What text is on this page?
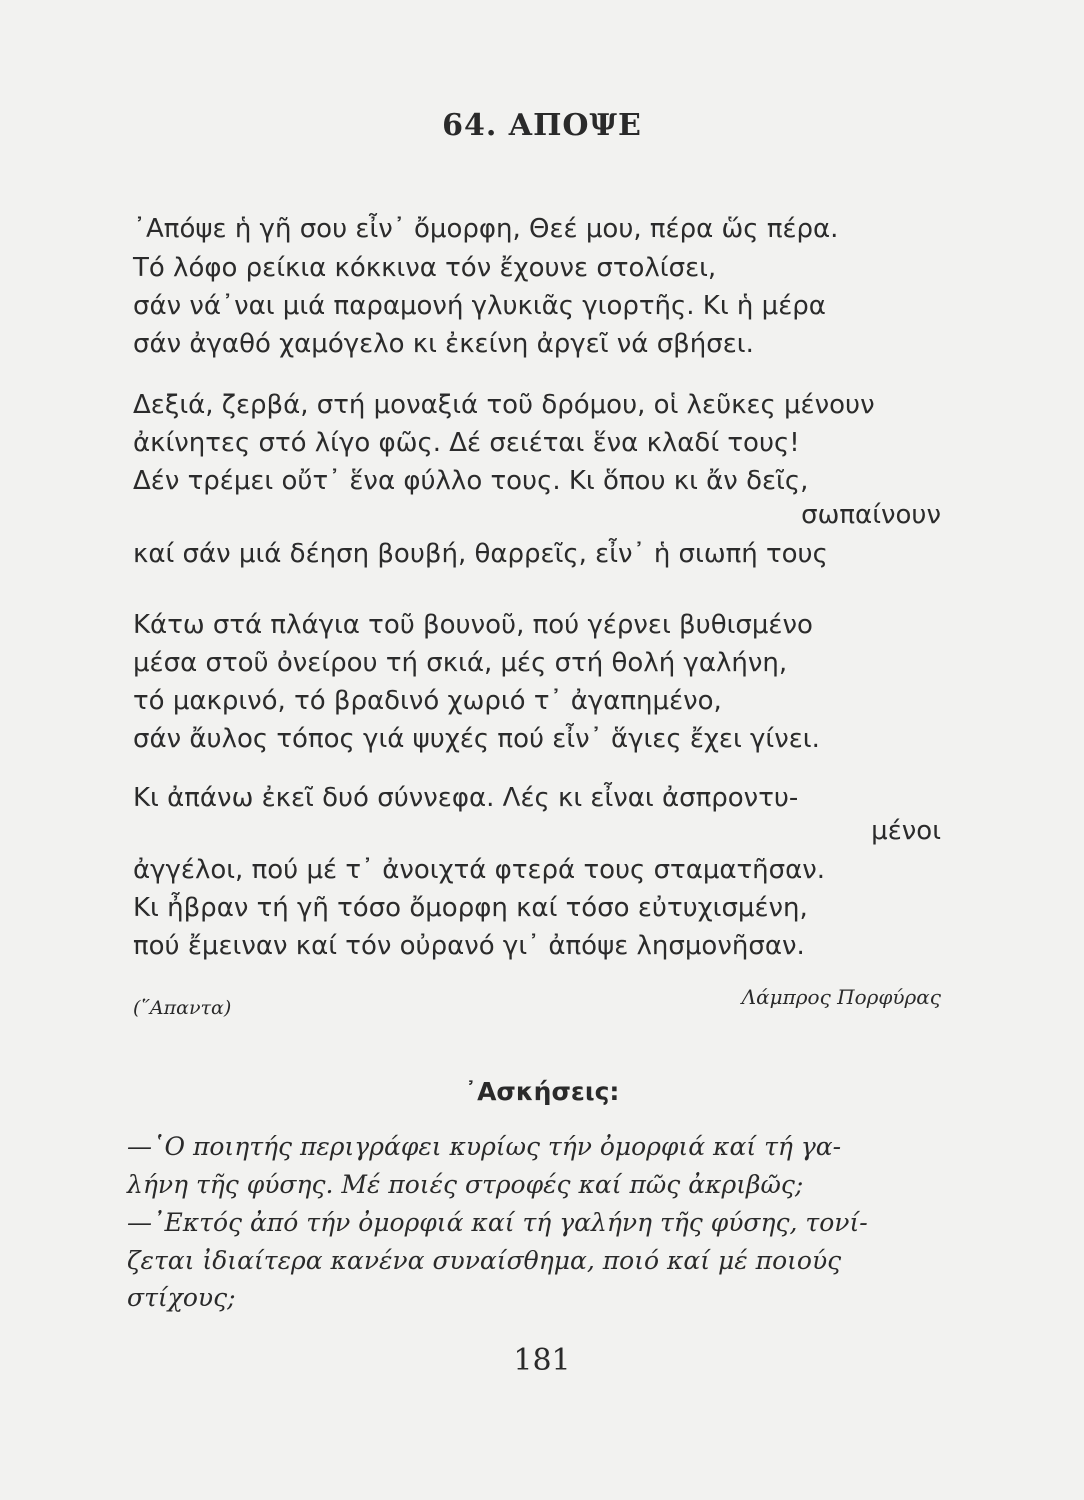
64. ΑΠΟΨΕ
᾿Απόψε ἡ γῆ σου εἶν᾿ ὄμορφη, Θεέ μου, πέρα ὥς πέρα.
Τό λόφο ρείκια κόκκινα τόν ἔχουνε στολίσει,
σάν νά᾿ναι μιά παραμονή γλυκιᾶς γιορτῆς. Κι ἡ μέρα
σάν ἀγαθό χαμόγελο κι ἐκείνη ἀργεῖ νά σβήσει.
Δεξιά, ζερβά, στή μοναξιά τοῦ δρόμου, οἱ λεῦκες μένουν
ἀκίνητες στό λίγο φῶς. Δέ σειέται ἕνα κλαδί τους!
Δέν τρέμει οὔτ᾿ ἕνα φύλλο τους. Κι ὅπου κι ἄν δεῖς,
σωπαίνουν
καί σάν μιά δέηση βουβή, θαρρεῖς, εἶν᾿ ἡ σιωπή τους
Κάτω στά πλάγια τοῦ βουνοῦ, πού γέρνει βυθισμένο
μέσα στοῦ ὀνείρου τή σκιά, μές στή θολή γαλήνη,
τό μακρινό, τό βραδινό χωριό τ᾿ ἀγαπημένο,
σάν ἄυλος τόπος γιά ψυχές πού εἶν᾿ ἅγιες ἔχει γίνει.
Κι ἀπάνω ἐκεῖ δυό σύννεφα. Λές κι εἶναι ἀσπροντυ-
μένοι
ἀγγέλοι, πού μέ τ᾿ ἀνοιχτά φτερά τους σταματῆσαν.
Κι ἦβραν τή γῆ τόσο ὄμορφη καί τόσο εὐτυχισμένη,
πού ἔμειναν καί τόν οὐρανό γι᾿ ἀπόψε λησμονῆσαν.
(῞Απαντα)	Λάμπρος Πορφύρας
᾿Ασκήσεις:
—῾Ο ποιητής περιγράφει κυρίως τήν ὀμορφιά καί τή γα-
λήνη τῆς φύσης. Μέ ποιές στροφές καί πῶς ἀκριβῶς;
—᾿Εκτός ἀπό τήν ὀμορφιά καί τή γαλήνη τῆς φύσης, τονί-
ζεται ἰδιαίτερα κανένα συναίσθημα, ποιό καί μέ ποιούς
στίχους;
181
